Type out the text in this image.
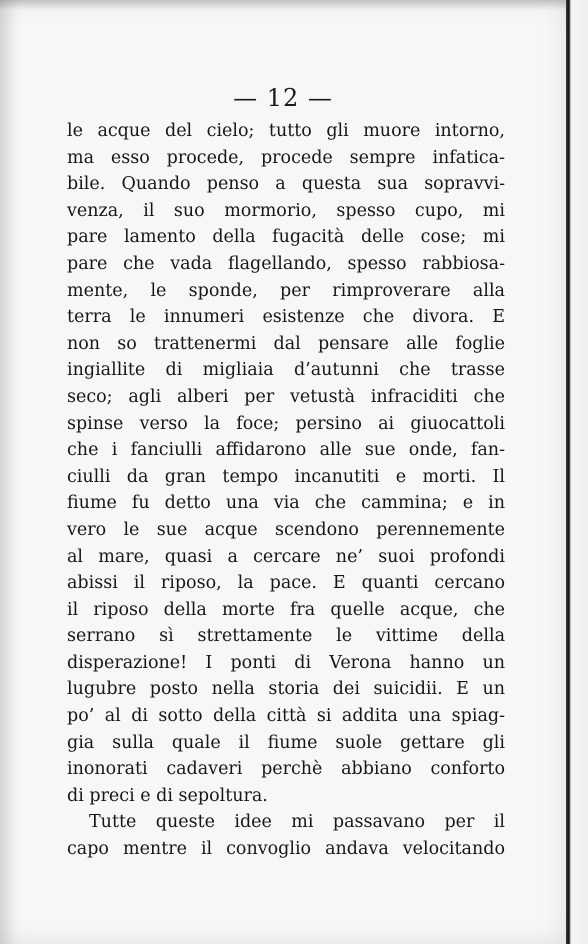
— 12 —
le acque del cielo; tutto gli muore intorno,
ma esso procede, procede sempre infatica-
bile. Quando penso a questa sua sopravvi-
venza, il suo mormorio, spesso cupo, mi
pare lamento della fugacità delle cose; mi
pare che vada flagellando, spesso rabbiosa-
mente, le sponde, per rimproverare alla
terra le innumeri esistenze che divora. E
non so trattenermi dal pensare alle foglie
ingiallite di migliaia d’autunni che trasse
seco; agli alberi per vetustà infraciditi che
spinse verso la foce; persino ai giuocattoli
che i fanciulli affidarono alle sue onde, fan-
ciulli da gran tempo incanutiti e morti. Il
fiume fu detto una via che cammina; e in
vero le sue acque scendono perennemente
al mare, quasi a cercare ne’ suoi profondi
abissi il riposo, la pace. E quanti cercano
il riposo della morte fra quelle acque, che
serrano sì strettamente le vittime della
disperazione! I ponti di Verona hanno un
lugubre posto nella storia dei suicidii. E un
po’ al di sotto della città si addita una spiag-
gia sulla quale il fiume suole gettare gli
inonorati cadaveri perchè abbiano conforto
di preci e di sepoltura.
Tutte queste idee mi passavano per il
capo mentre il convoglio andava velocitando
